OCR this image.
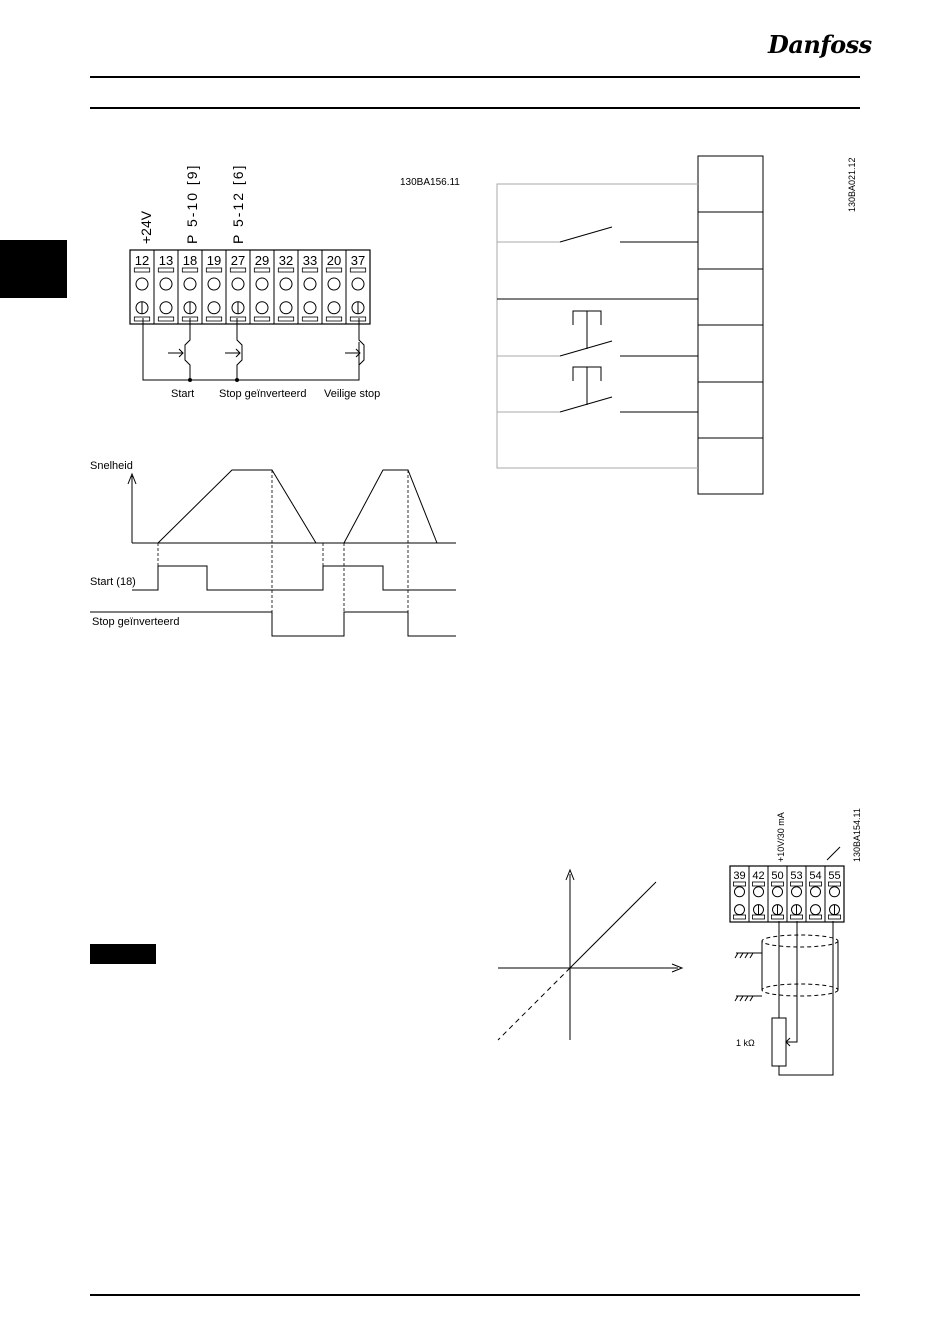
Danfoss
130BA156.11
+24V P 5-10 [9] P 5-12 [6]
12 13 18 19 27 29 32 33 20 37
Start Stop geïnverteerd Veilige stop
Snelheid
Start (18)
Stop geïnverteerd
130BA021.12
130BA154.11
+10V/30 mA
39 42 50 53 54 55
1 kΩ
